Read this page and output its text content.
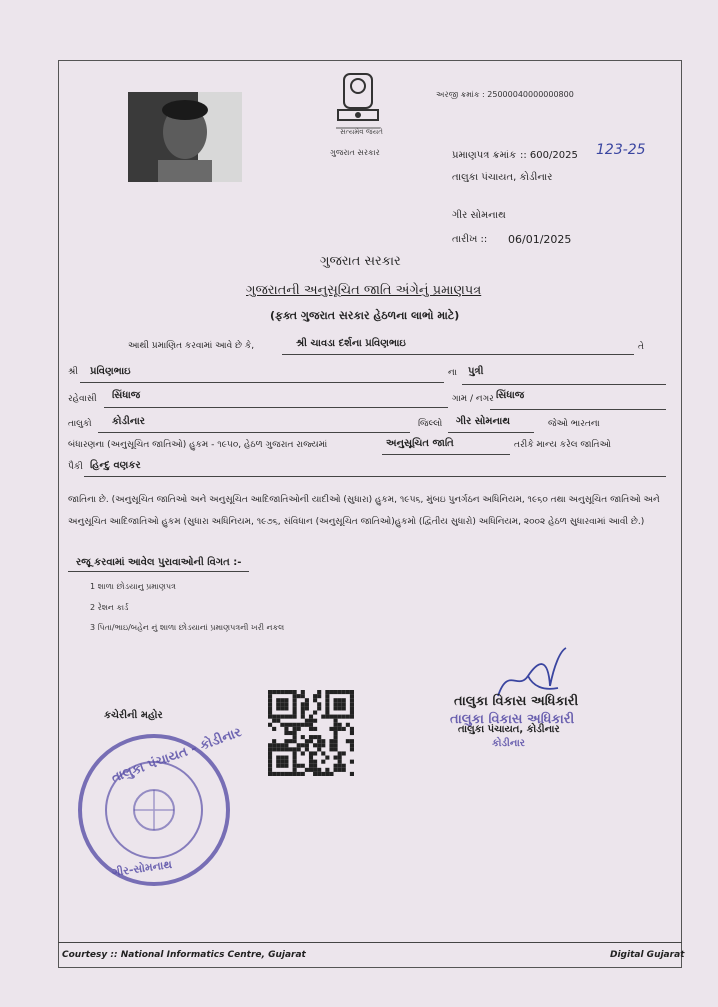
સત્યમેવ જયતે
ગુજરાત સરકાર
અરજી ક્રમાંક : 25000040000000800
પ્રમાણપત્ર ક્રમાંક :: 600/2025 123-25
તાલુકા પંચાયત, કોડીનાર
ગીર સોમનાથ
તારીખ :: 06/01/2025
ગુજરાત સરકાર
ગુજરાતની અનુસૂચિત જાતિ અંગેનું પ્રમાણપત્ર
(ફક્ત ગુજરાત સરકાર હેઠળના લાભો માટે)
આથી પ્રમાણિત કરવામાં આવે છે કે,	શ્રી ચાવડા દર્શના પ્રવિણભાઇ	તે
શ્રી પ્રવિણભાઇ	ના પુત્રી
રહેવાસી સિંધાજ	ગામ / નગર સિંધાજ
તાલુકો કોડીનાર	જિલ્લો ગીર સોમનાથ	જેઓ ભારતના
બંધારણના (અનુસૂચિત જાતિઓ) હુકમ - ૧૯૫૦, હેઠળ ગુજરાત રાજ્યમાં	અનુસૂચિત જાતિ	તરીકે માન્ય કરેલ જાતિઓ
પૈકી હિન્દુ વણકર
જાતિના છે. (અનુસૂચિત જાતિઓ અને અનુસૂચિત આદિજાતિઓની યાદીઓ (સુધારા) હુકમ, ૧૯૫૬, મુંબઇ પુનર્ગઠન અધિનિયમ, ૧૯૬૦ તથા અનુસૂચિત જાતિઓ અને અનુસૂચિત આદિજાતિઓ હુકમ (સુધારા અધિનિયમ, ૧૯૭૬, સંવિધાન (અનુસૂચિત જાતિઓ)હુકમો (દ્વિતીય સુધારો) અધિનિયમ, ૨૦૦૨ હેઠળ સુધારવામાં આવી છે.)
રજૂ કરવામાં આવેલ પુરાવાઓની વિગત :-
1 શાળા છોડયાનુ પ્રમાણપત્ર
2 રેશન કાર્ડ
3 પિતા/ભાઇ/બહેન નું શાળા છોડયાનાં પ્રમાણપત્રની ખરી નકલ
કચેરીની મહોર
તાલુકા પંચાયત - કોડીનાર
ગીર-સોમનાથ
તાલુકા વિકાસ અધિકારી
તાલુકા વિકાસ અધિકારી
તાલુકા પંચાયત, કોડીનાર
કોડીનાર
Courtesy :: National Informatics Centre, Gujarat	Digital Gujarat
